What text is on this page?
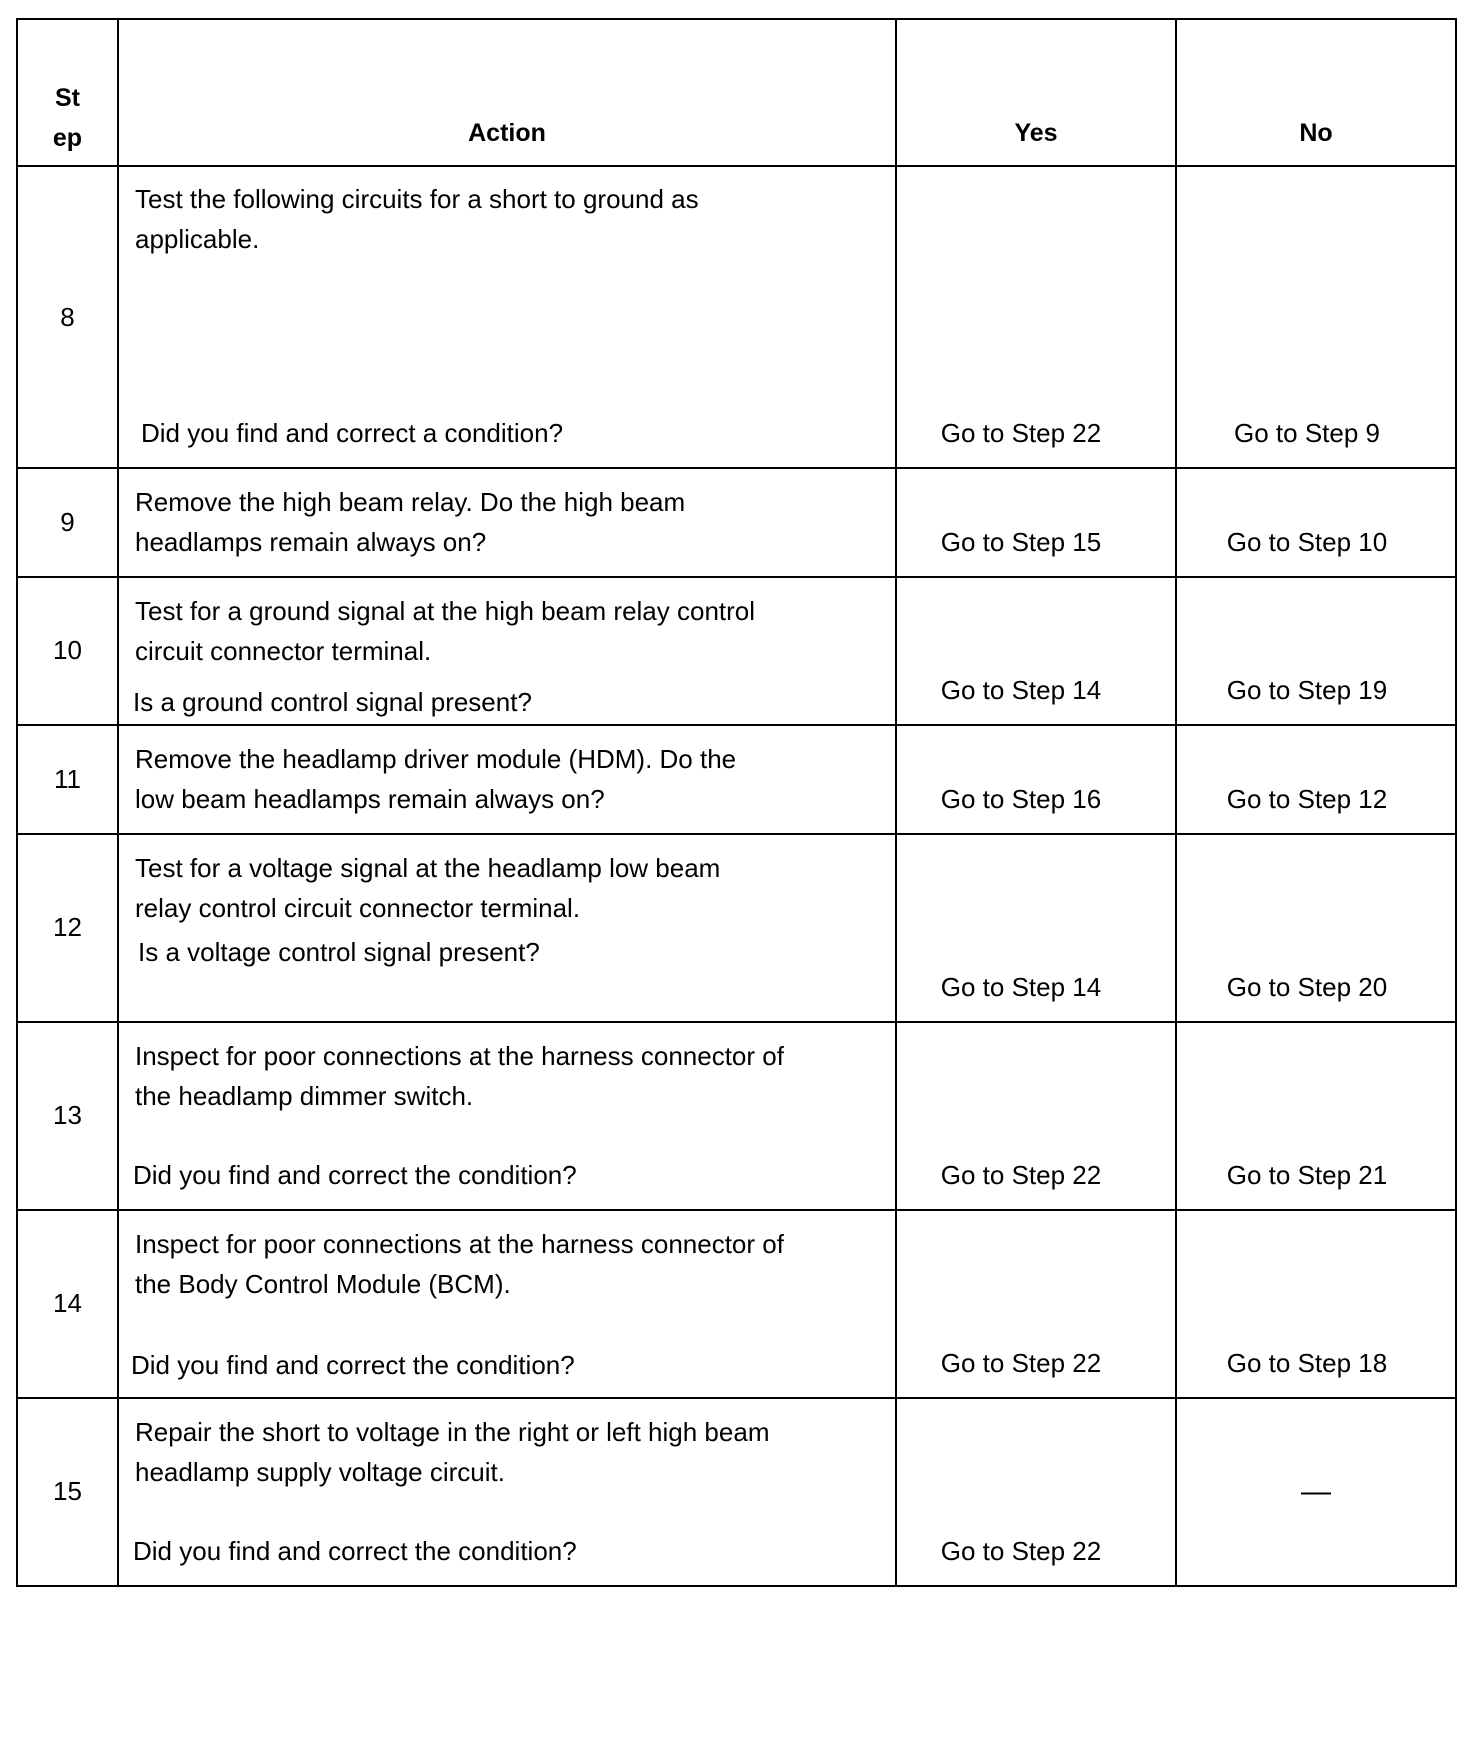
St
ep	Action	Yes	No

8	Test the following circuits for a short to ground as
applicable.
Did you find and correct a condition?	Go to Step 22	Go to Step 9

9	Remove the high beam relay. Do the high beam
headlamps remain always on?	Go to Step 15	Go to Step 10

10	Test for a ground signal at the high beam relay control
circuit connector terminal.
Is a ground control signal present?	Go to Step 14	Go to Step 19

11	Remove the headlamp driver module (HDM). Do the
low beam headlamps remain always on?	Go to Step 16	Go to Step 12

12	Test for a voltage signal at the headlamp low beam
relay control circuit connector terminal.
Is a voltage control signal present?	Go to Step 14	Go to Step 20

13	Inspect for poor connections at the harness connector of
the headlamp dimmer switch.
Did you find and correct the condition?	Go to Step 22	Go to Step 21

14	Inspect for poor connections at the harness connector of
the Body Control Module (BCM).
Did you find and correct the condition?	Go to Step 22	Go to Step 18

15	Repair the short to voltage in the right or left high beam
headlamp supply voltage circuit.
Did you find and correct the condition?	Go to Step 22	—
